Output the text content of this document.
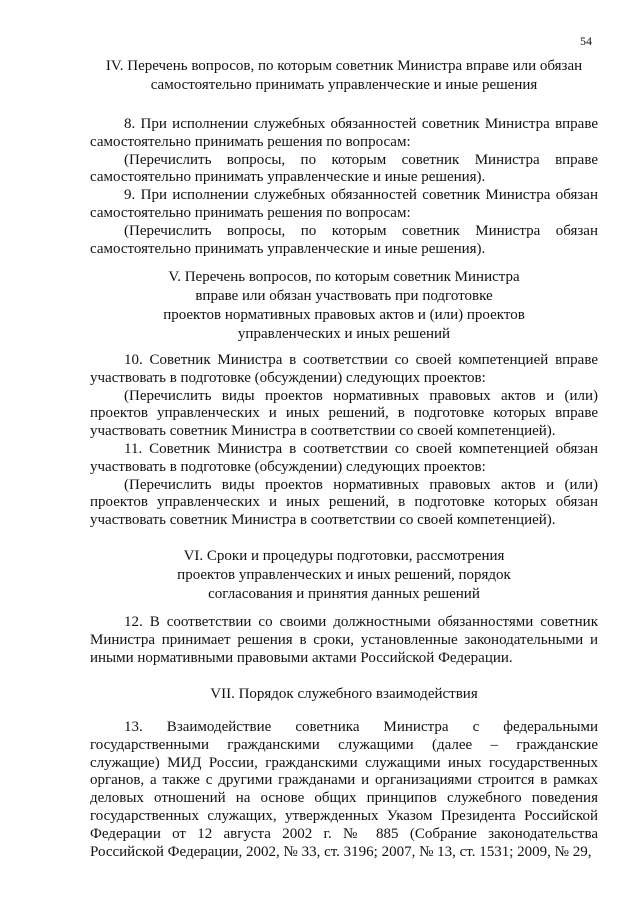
54

IV. Перечень вопросов, по которым советник Министра вправе или обязан

самостоятельно принимать управленческие и иные решения

8. При исполнении служебных обязанностей советник Министра вправе самостоятельно принимать решения по вопросам:

(Перечислить вопросы, по которым советник Министра вправе самостоятельно принимать управленческие и иные решения).

9. При исполнении служебных обязанностей советник Министра обязан самостоятельно принимать решения по вопросам:

(Перечислить вопросы, по которым советник Министра обязан самостоятельно принимать управленческие и иные решения).

V. Перечень вопросов, по которым советник Министра

вправе или обязан участвовать при подготовке

проектов нормативных правовых актов и (или) проектов

управленческих и иных решений

10. Советник Министра в соответствии со своей компетенцией вправе участвовать в подготовке (обсуждении) следующих проектов:

(Перечислить виды проектов нормативных правовых актов и (или) проектов управленческих и иных решений, в подготовке которых вправе участвовать советник Министра в соответствии со своей компетенцией).

11. Советник Министра в соответствии со своей компетенцией обязан участвовать в подготовке (обсуждении) следующих проектов:

(Перечислить виды проектов нормативных правовых актов и (или) проектов управленческих и иных решений, в подготовке которых обязан участвовать советник Министра в соответствии со своей компетенцией).

VI. Сроки и процедуры подготовки, рассмотрения

проектов управленческих и иных решений, порядок

согласования и принятия данных решений

12. В соответствии со своими должностными обязанностями советник Министра принимает решения в сроки, установленные законодательными и иными нормативными правовыми актами Российской Федерации.

VII. Порядок служебного взаимодействия

13. Взаимодействие советника Министра с федеральными государственными гражданскими служащими (далее – гражданские служащие) МИД России, гражданскими служащими иных государственных органов, а также с другими гражданами и организациями строится в рамках деловых отношений на основе общих принципов служебного поведения государственных служащих, утвержденных Указом Президента Российской Федерации от 12 августа 2002 г. № 885 (Собрание законодательства Российской Федерации, 2002, № 33, ст. 3196; 2007, № 13, ст. 1531; 2009, № 29,
